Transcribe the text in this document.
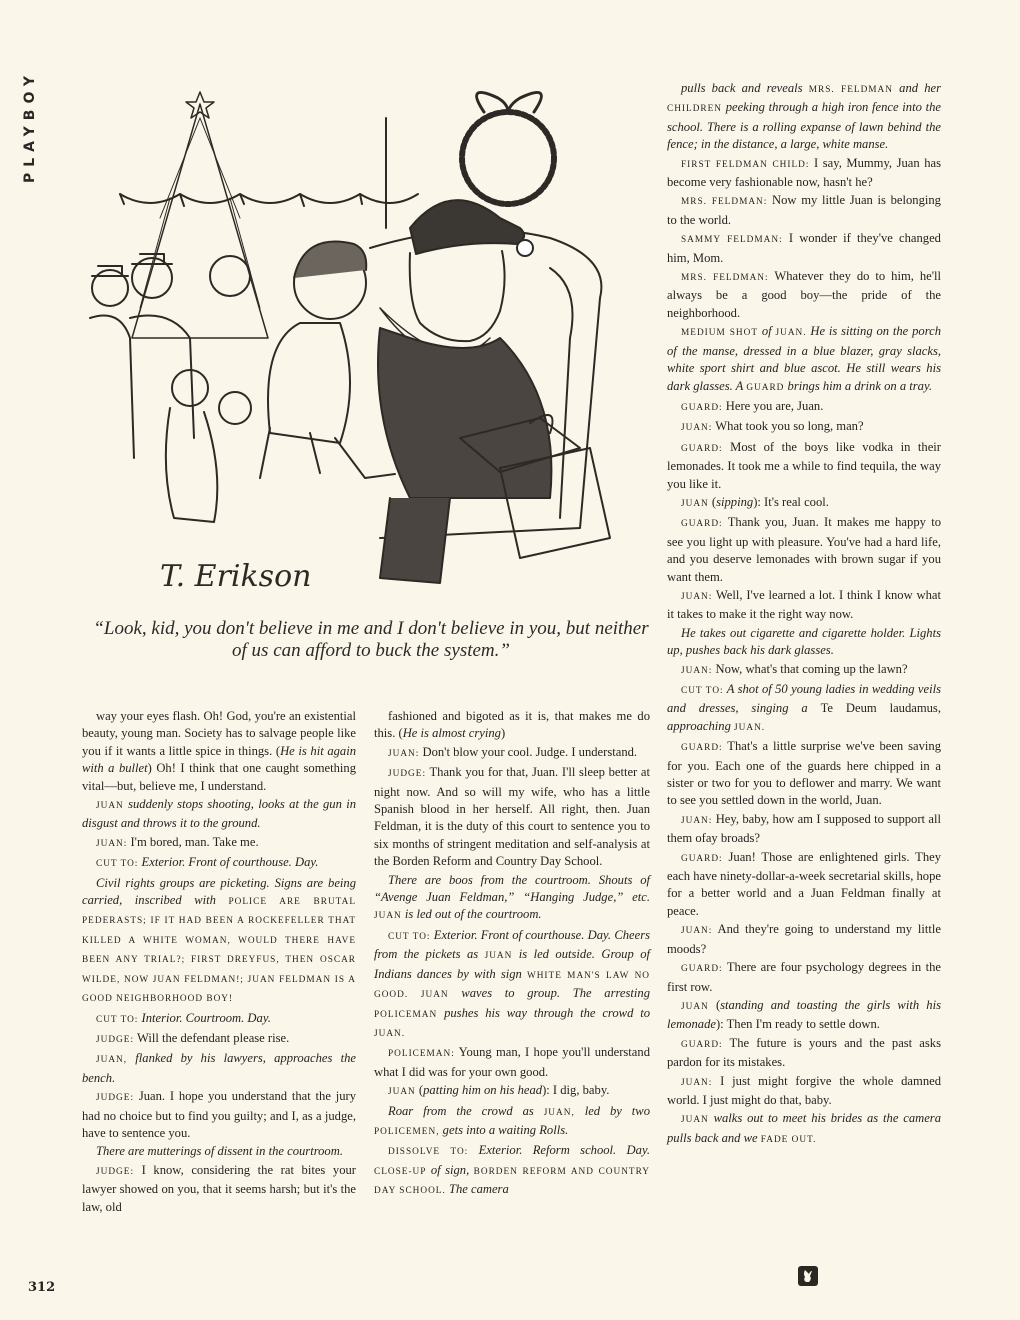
PLAYBOY
T. Erikson
“Look, kid, you don't believe in me and I don't believe in you, but neither of us can afford to buck the system.”

way your eyes flash. Oh! God, you're an existential beauty, young man. Society has to salvage people like you if it wants a little spice in things. (He is hit again with a bullet) Oh! I think that one caught something vital—but, believe me, I understand.

JUAN suddenly stops shooting, looks at the gun in disgust and throws it to the ground.

JUAN: I'm bored, man. Take me.

CUT TO: Exterior. Front of courthouse. Day.

Civil rights groups are picketing. Signs are being carried, inscribed with POLICE ARE BRUTAL PEDERASTS; IF IT HAD BEEN A ROCKEFELLER THAT KILLED A WHITE WOMAN, WOULD THERE HAVE BEEN ANY TRIAL?; FIRST DREYFUS, THEN OSCAR WILDE, NOW JUAN FELDMAN!; JUAN FELDMAN IS A GOOD NEIGHBORHOOD BOY!

CUT TO: Interior. Courtroom. Day.

JUDGE: Will the defendant please rise.

JUAN, flanked by his lawyers, approaches the bench.

JUDGE: Juan. I hope you understand that the jury had no choice but to find you guilty; and I, as a judge, have to sentence you.

There are mutterings of dissent in the courtroom.

JUDGE: I know, considering the rat bites your lawyer showed on you, that it seems harsh; but it's the law, old

fashioned and bigoted as it is, that makes me do this. (He is almost crying)

JUAN: Don't blow your cool. Judge. I understand.

JUDGE: Thank you for that, Juan. I'll sleep better at night now. And so will my wife, who has a little Spanish blood in her herself. All right, then. Juan Feldman, it is the duty of this court to sentence you to six months of stringent meditation and self-analysis at the Borden Reform and Country Day School.

There are boos from the courtroom. Shouts of “Avenge Juan Feldman,” “Hanging Judge,” etc. JUAN is led out of the courtroom.

CUT TO: Exterior. Front of courthouse. Day. Cheers from the pickets as JUAN is led outside. Group of Indians dances by with sign WHITE MAN'S LAW NO GOOD. JUAN waves to group. The arresting POLICEMAN pushes his way through the crowd to JUAN.

POLICEMAN: Young man, I hope you'll understand what I did was for your own good.

JUAN (patting him on his head): I dig, baby.

Roar from the crowd as JUAN, led by two POLICEMEN, gets into a waiting Rolls.

DISSOLVE TO: Exterior. Reform school. Day. CLOSE-UP of sign, BORDEN REFORM AND COUNTRY DAY SCHOOL. The camera

pulls back and reveals MRS. FELDMAN and her CHILDREN peeking through a high iron fence into the school. There is a rolling expanse of lawn behind the fence; in the distance, a large, white manse.

FIRST FELDMAN CHILD: I say, Mummy, Juan has become very fashionable now, hasn't he?

MRS. FELDMAN: Now my little Juan is belonging to the world.

SAMMY FELDMAN: I wonder if they've changed him, Mom.

MRS. FELDMAN: Whatever they do to him, he'll always be a good boy—the pride of the neighborhood.

MEDIUM SHOT of JUAN. He is sitting on the porch of the manse, dressed in a blue blazer, gray slacks, white sport shirt and blue ascot. He still wears his dark glasses. A GUARD brings him a drink on a tray.

GUARD: Here you are, Juan.

JUAN: What took you so long, man?

GUARD: Most of the boys like vodka in their lemonades. It took me a while to find tequila, the way you like it.

JUAN (sipping): It's real cool.

GUARD: Thank you, Juan. It makes me happy to see you light up with pleasure. You've had a hard life, and you deserve lemonades with brown sugar if you want them.

JUAN: Well, I've learned a lot. I think I know what it takes to make it the right way now.

He takes out cigarette and cigarette holder. Lights up, pushes back his dark glasses.

JUAN: Now, what's that coming up the lawn?

CUT TO: A shot of 50 young ladies in wedding veils and dresses, singing a Te Deum laudamus, approaching JUAN.

GUARD: That's a little surprise we've been saving for you. Each one of the guards here chipped in a sister or two for you to deflower and marry. We want to see you settled down in the world, Juan.

JUAN: Hey, baby, how am I supposed to support all them ofay broads?

GUARD: Juan! Those are enlightened girls. They each have ninety-dollar-a-week secretarial skills, hope for a better world and a Juan Feldman finally at peace.

JUAN: And they're going to understand my little moods?

GUARD: There are four psychology degrees in the first row.

JUAN (standing and toasting the girls with his lemonade): Then I'm ready to settle down.

GUARD: The future is yours and the past asks pardon for its mistakes.

JUAN: I just might forgive the whole damned world. I just might do that, baby.

JUAN walks out to meet his brides as the camera pulls back and we FADE OUT.

312
